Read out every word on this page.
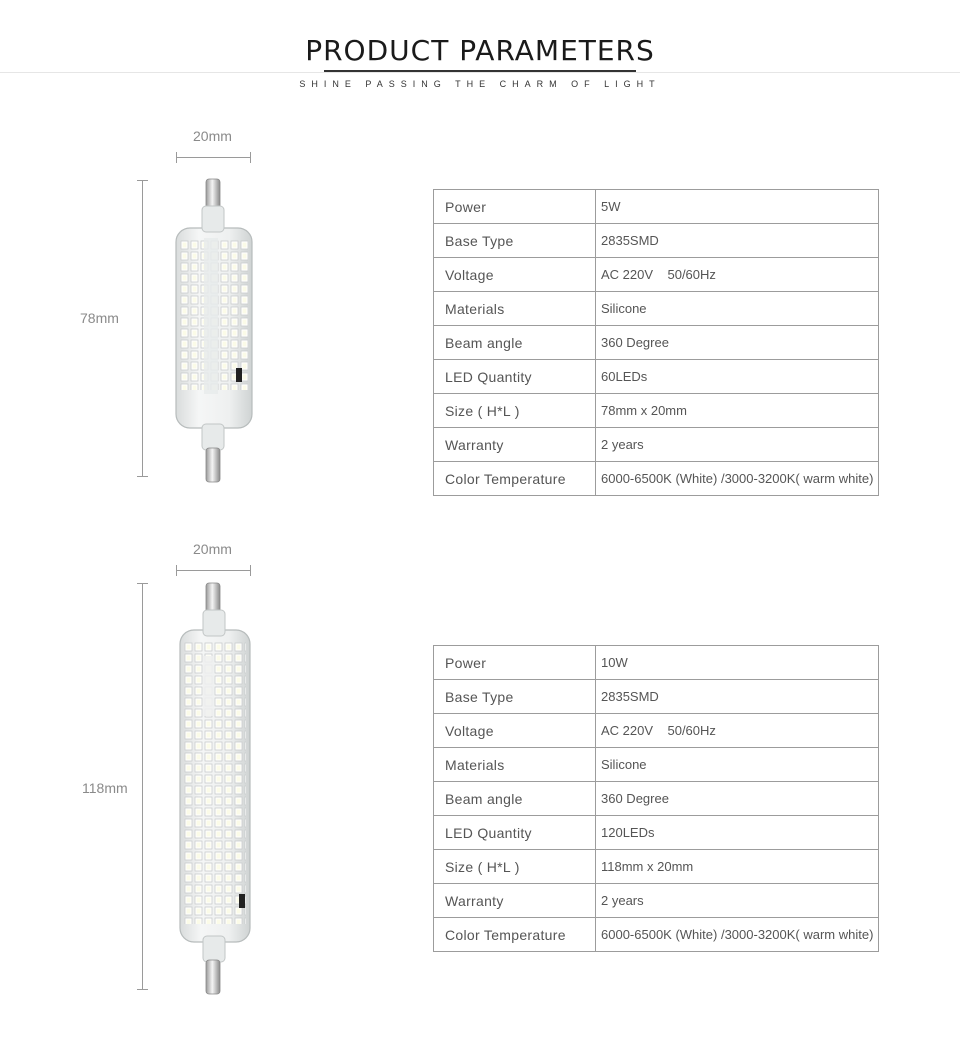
PRODUCT PARAMETERS
SHINE PASSING THE CHARM OF LIGHT
20mm
78mm
Power	5W
Base Type	2835SMD
Voltage	AC 220V    50/60Hz
Materials	Silicone
Beam angle	360 Degree
LED Quantity	60LEDs
Size ( H*L )	78mm x 20mm
Warranty	2 years
Color Temperature	6000-6500K (White) /3000-3200K( warm white)
20mm
118mm
Power	10W
Base Type	2835SMD
Voltage	AC 220V    50/60Hz
Materials	Silicone
Beam angle	360 Degree
LED Quantity	120LEDs
Size ( H*L )	118mm x 20mm
Warranty	2 years
Color Temperature	6000-6500K (White) /3000-3200K( warm white)
